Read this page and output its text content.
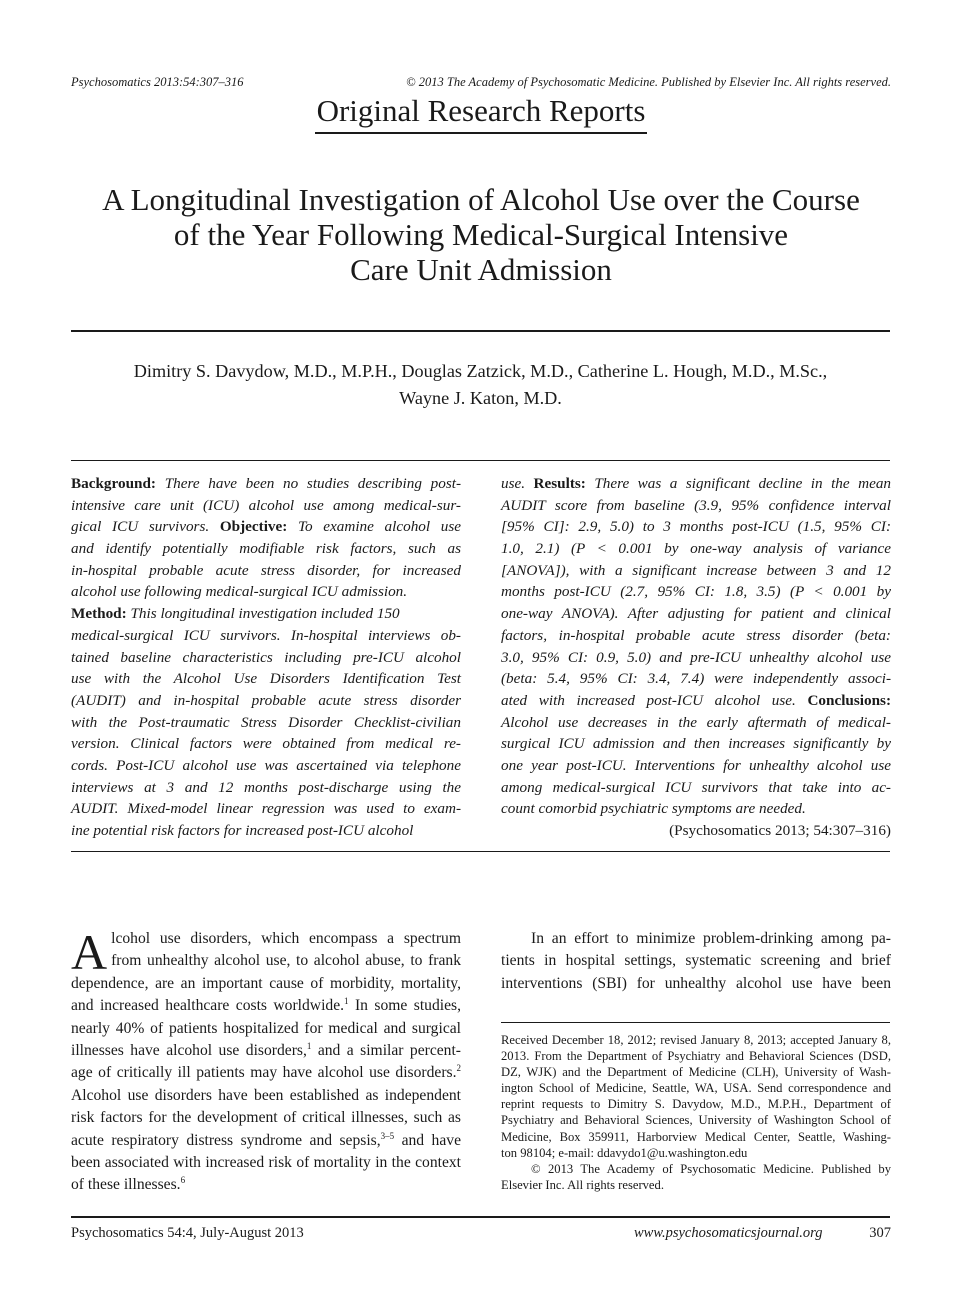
Psychosomatics 2013:54:307–316	© 2013 The Academy of Psychosomatic Medicine. Published by Elsevier Inc. All rights reserved.
Original Research Reports
A Longitudinal Investigation of Alcohol Use over the Course
of the Year Following Medical-Surgical Intensive
Care Unit Admission
Dimitry S. Davydow, M.D., M.P.H., Douglas Zatzick, M.D., Catherine L. Hough, M.D., M.Sc.,
Wayne J. Katon, M.D.
Background: There have been no studies describing post-
intensive care unit (ICU) alcohol use among medical-sur-
gical ICU survivors. Objective: To examine alcohol use
and identify potentially modifiable risk factors, such as
in-hospital probable acute stress disorder, for increased
alcohol use following medical-surgical ICU admission.
Method: This longitudinal investigation included 150
medical-surgical ICU survivors. In-hospital interviews ob-
tained baseline characteristics including pre-ICU alcohol
use with the Alcohol Use Disorders Identification Test
(AUDIT) and in-hospital probable acute stress disorder
with the Post-traumatic Stress Disorder Checklist-civilian
version. Clinical factors were obtained from medical re-
cords. Post-ICU alcohol use was ascertained via telephone
interviews at 3 and 12 months post-discharge using the
AUDIT. Mixed-model linear regression was used to exam-
ine potential risk factors for increased post-ICU alcohol
use. Results: There was a significant decline in the mean
AUDIT score from baseline (3.9, 95% confidence interval
[95% CI]: 2.9, 5.0) to 3 months post-ICU (1.5, 95% CI:
1.0, 2.1) (P < 0.001 by one-way analysis of variance
[ANOVA]), with a significant increase between 3 and 12
months post-ICU (2.7, 95% CI: 1.8, 3.5) (P < 0.001 by
one-way ANOVA). After adjusting for patient and clinical
factors, in-hospital probable acute stress disorder (beta:
3.0, 95% CI: 0.9, 5.0) and pre-ICU unhealthy alcohol use
(beta: 5.4, 95% CI: 3.4, 7.4) were independently associ-
ated with increased post-ICU alcohol use. Conclusions:
Alcohol use decreases in the early aftermath of medical-
surgical ICU admission and then increases significantly by
one year post-ICU. Interventions for unhealthy alcohol use
among medical-surgical ICU survivors that take into ac-
count comorbid psychiatric symptoms are needed.
(Psychosomatics 2013; 54:307–316)
A lcohol use disorders, which encompass a spectrum
from unhealthy alcohol use, to alcohol abuse, to frank
dependence, are an important cause of morbidity, mortality,
and increased healthcare costs worldwide.$^1$ In some studies,
nearly 40% of patients hospitalized for medical and surgical
illnesses have alcohol use disorders,$^1$ and a similar percent-
age of critically ill patients may have alcohol use disorders.$^2$
Alcohol use disorders have been established as independent
risk factors for the development of critical illnesses, such as
acute respiratory distress syndrome and sepsis,$^{3-5}$ and have
been associated with increased risk of mortality in the context
of these illnesses.$^6$
In an effort to minimize problem-drinking among pa-
tients in hospital settings, systematic screening and brief
interventions (SBI) for unhealthy alcohol use have been
Received December 18, 2012; revised January 8, 2013; accepted January 8,
2013. From the Department of Psychiatry and Behavioral Sciences (DSD,
DZ, WJK) and the Department of Medicine (CLH), University of Wash-
ington School of Medicine, Seattle, WA, USA. Send correspondence and
reprint requests to Dimitry S. Davydow, M.D., M.P.H., Department of
Psychiatry and Behavioral Sciences, University of Washington School of
Medicine, Box 359911, Harborview Medical Center, Seattle, Washing-
ton 98104; e-mail: ddavydo1@u.washington.edu
© 2013 The Academy of Psychosomatic Medicine. Published by
Elsevier Inc. All rights reserved.
Psychosomatics 54:4, July-August 2013	www.psychosomaticsjournal.org	307
